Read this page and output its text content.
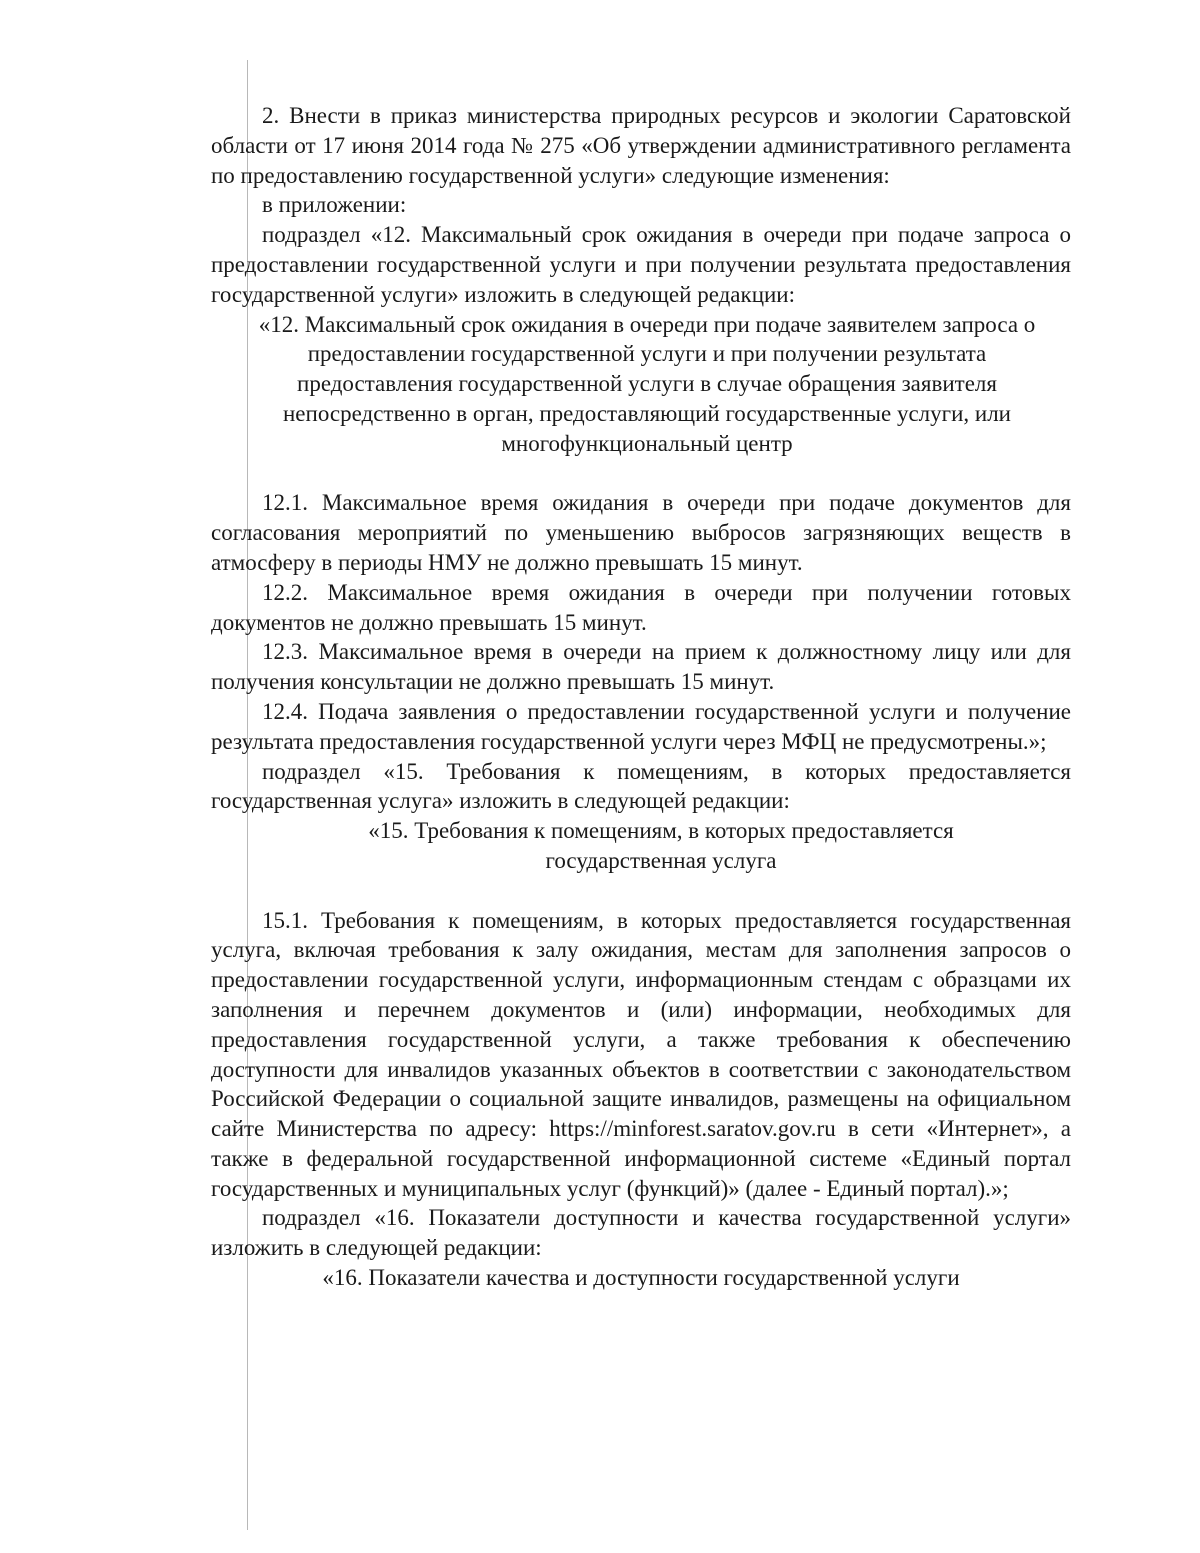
2. Внести в приказ министерства природных ресурсов и экологии Саратовской области от 17 июня 2014 года № 275 «Об утверждении административного регламента по предоставлению государственной услуги» следующие изменения:

в приложении:

подраздел «12. Максимальный срок ожидания в очереди при подаче запроса о предоставлении государственной услуги и при получении результата предоставления государственной услуги» изложить в следующей редакции:

«12. Максимальный срок ожидания в очереди при подаче заявителем запроса о предоставлении государственной услуги и при получении результата предоставления государственной услуги в случае обращения заявителя непосредственно в орган, предоставляющий государственные услуги, или многофункциональный центр

12.1. Максимальное время ожидания в очереди при подаче документов для согласования мероприятий по уменьшению выбросов загрязняющих веществ в атмосферу в периоды НМУ не должно превышать 15 минут.

12.2. Максимальное время ожидания в очереди при получении готовых документов не должно превышать 15 минут.

12.3. Максимальное время в очереди на прием к должностному лицу или для получения консультации не должно превышать 15 минут.

12.4. Подача заявления о предоставлении государственной услуги и получение результата предоставления государственной услуги через МФЦ не предусмотрены.»;

подраздел «15. Требования к помещениям, в которых предоставляется государственная услуга» изложить в следующей редакции:

«15. Требования к помещениям, в которых предоставляется государственная услуга

15.1. Требования к помещениям, в которых предоставляется государственная услуга, включая требования к залу ожидания, местам для заполнения запросов о предоставлении государственной услуги, информационным стендам с образцами их заполнения и перечнем документов и (или) информации, необходимых для предоставления государственной услуги, а также требования к обеспечению доступности для инвалидов указанных объектов в соответствии с законодательством Российской Федерации о социальной защите инвалидов, размещены на официальном сайте Министерства по адресу: https://minforest.saratov.gov.ru в сети «Интернет», а также в федеральной государственной информационной системе «Единый портал государственных и муниципальных услуг (функций)» (далее - Единый портал).»;

подраздел «16. Показатели доступности и качества государственной услуги» изложить в следующей редакции:

«16. Показатели качества и доступности государственной услуги
